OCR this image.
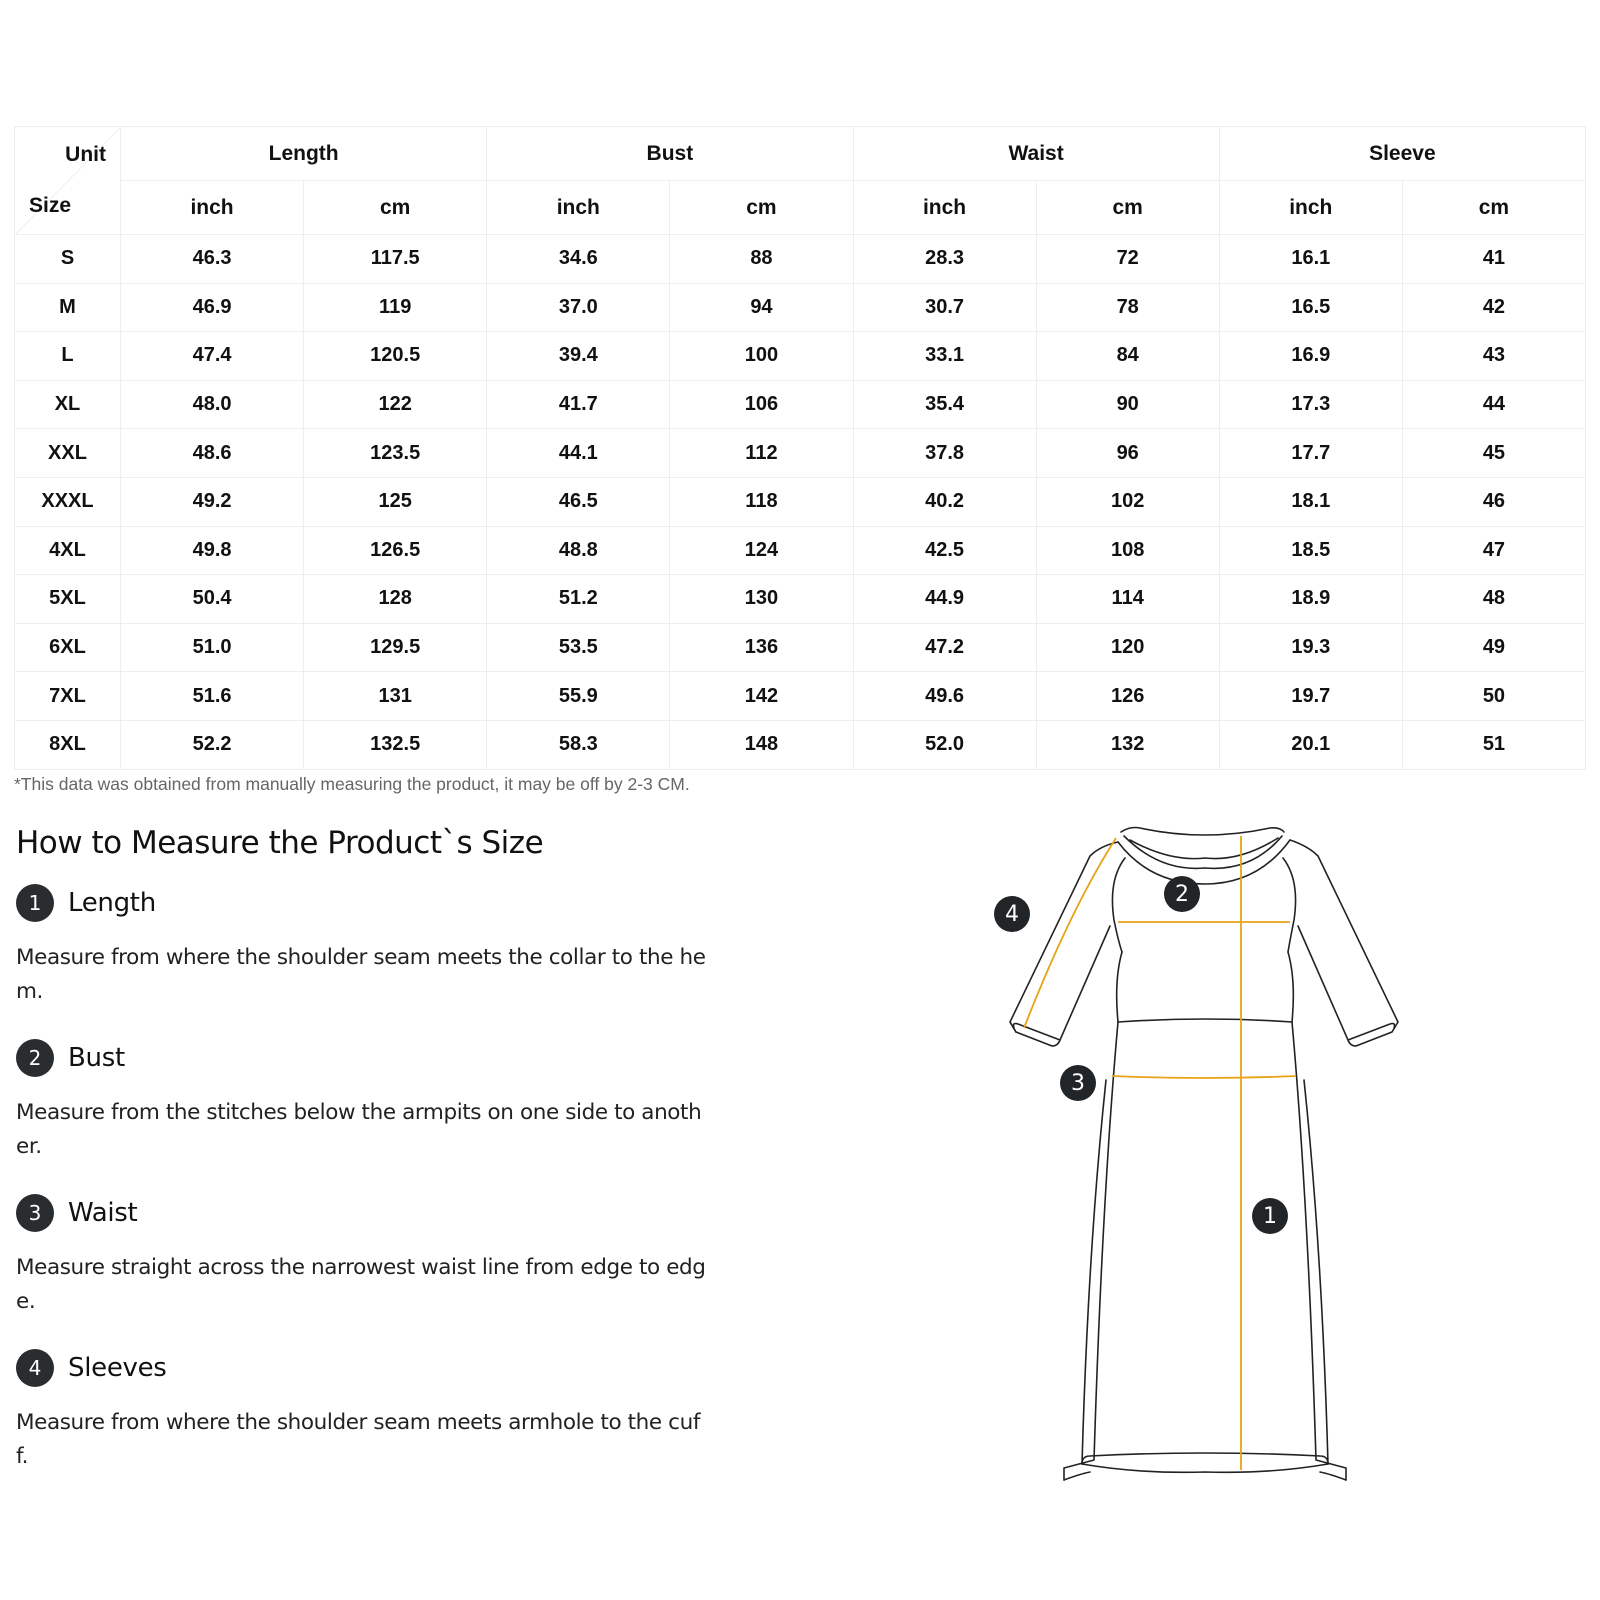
Unit
Size	Length		Bust		Waist		Sleeve	
	inch	cm	inch	cm	inch	cm	inch	cm
S	46.3	117.5	34.6	88	28.3	72	16.1	41
M	46.9	119	37.0	94	30.7	78	16.5	42
L	47.4	120.5	39.4	100	33.1	84	16.9	43
XL	48.0	122	41.7	106	35.4	90	17.3	44
XXL	48.6	123.5	44.1	112	37.8	96	17.7	45
XXXL	49.2	125	46.5	118	40.2	102	18.1	46
4XL	49.8	126.5	48.8	124	42.5	108	18.5	47
5XL	50.4	128	51.2	130	44.9	114	18.9	48
6XL	51.0	129.5	53.5	136	47.2	120	19.3	49
7XL	51.6	131	55.9	142	49.6	126	19.7	50
8XL	52.2	132.5	58.3	148	52.0	132	20.1	51
*This data was obtained from manually measuring the product, it may be off by 2-3 CM.
How to Measure the Product`s Size
1	Length
Measure from where the shoulder seam meets the collar to the hem.
2	Bust
Measure from the stitches below the armpits on one side to another.
3	Waist
Measure straight across the narrowest waist line from edge to edge.
4	Sleeves
Measure from where the shoulder seam meets armhole to the cuff.
1
2
3
4
